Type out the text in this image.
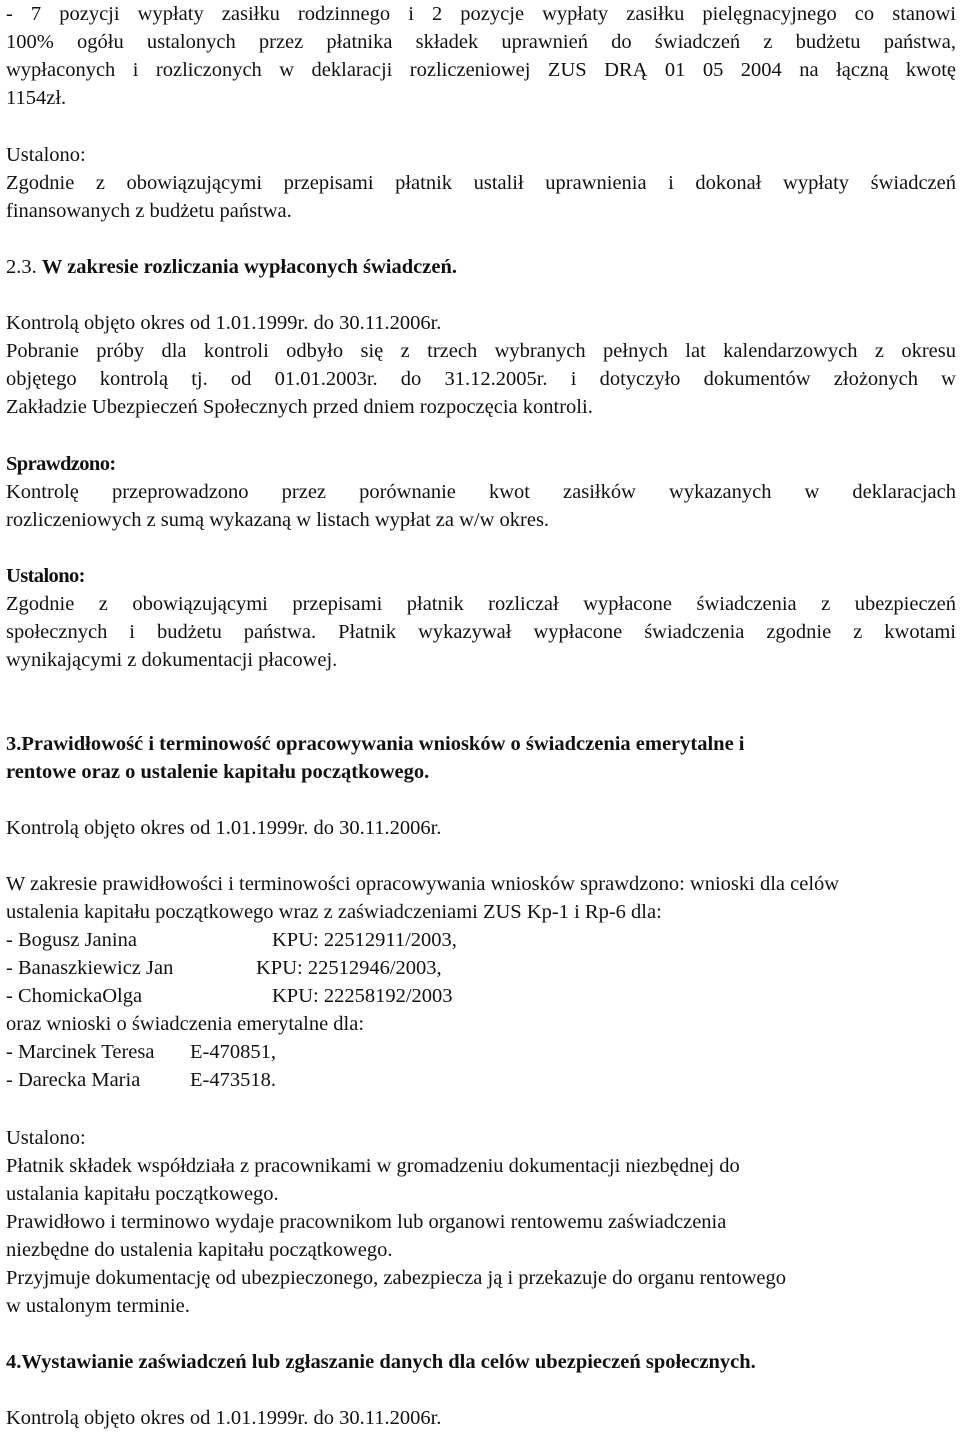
- 7 pozycji wypłaty zasiłku rodzinnego i 2 pozycje wypłaty zasiłku pielęgnacyjnego co stanowi
100% ogółu ustalonych przez płatnika składek uprawnień do świadczeń z budżetu państwa,
wypłaconych i rozliczonych w deklaracji rozliczeniowej ZUS DRĄ 01 05 2004 na łączną kwotę
1154zł.
Ustalono:
Zgodnie z obowiązującymi przepisami płatnik ustalił uprawnienia i dokonał wypłaty świadczeń
finansowanych z budżetu państwa.
2.3. W zakresie rozliczania wypłaconych świadczeń.
Kontrolą objęto okres od 1.01.1999r. do 30.11.2006r.
Pobranie próby dla kontroli odbyło się z trzech wybranych pełnych lat kalendarzowych z okresu
objętego kontrolą tj. od 01.01.2003r. do 31.12.2005r. i dotyczyło dokumentów złożonych w
Zakładzie Ubezpieczeń Społecznych przed dniem rozpoczęcia kontroli.
Sprawdzono:
Kontrolę przeprowadzono przez porównanie kwot zasiłków wykazanych w deklaracjach
rozliczeniowych z sumą wykazaną w listach wypłat za w/w okres.
Ustalono:
Zgodnie z obowiązującymi przepisami płatnik rozliczał wypłacone świadczenia z ubezpieczeń
społecznych i budżetu państwa. Płatnik wykazywał wypłacone świadczenia zgodnie z kwotami
wynikającymi z dokumentacji płacowej.
3.Prawidłowość i terminowość opracowywania wniosków o świadczenia emerytalne i
rentowe oraz o ustalenie kapitału początkowego.
Kontrolą objęto okres od 1.01.1999r. do 30.11.2006r.
W zakresie prawidłowości i terminowości opracowywania wniosków sprawdzono: wnioski dla celów
ustalenia kapitału początkowego wraz z zaświadczeniami ZUS Kp-1 i Rp-6 dla:
- Bogusz Janina	KPU: 22512911/2003,
- Banaszkiewicz Jan	KPU: 22512946/2003,
- ChomickaOlga	KPU: 22258192/2003
oraz wnioski o świadczenia emerytalne dla:
- Marcinek Teresa E-470851,
- Darecka Maria E-473518.
Ustalono:
Płatnik składek współdziała z pracownikami w gromadzeniu dokumentacji niezbędnej do
ustalania kapitału początkowego.
Prawidłowo i terminowo wydaje pracownikom lub organowi rentowemu zaświadczenia
niezbędne do ustalenia kapitału początkowego.
Przyjmuje dokumentację od ubezpieczonego, zabezpiecza ją i przekazuje do organu rentowego
w ustalonym terminie.
4.Wystawianie zaświadczeń lub zgłaszanie danych dla celów ubezpieczeń społecznych.
Kontrolą objęto okres od 1.01.1999r. do 30.11.2006r.
